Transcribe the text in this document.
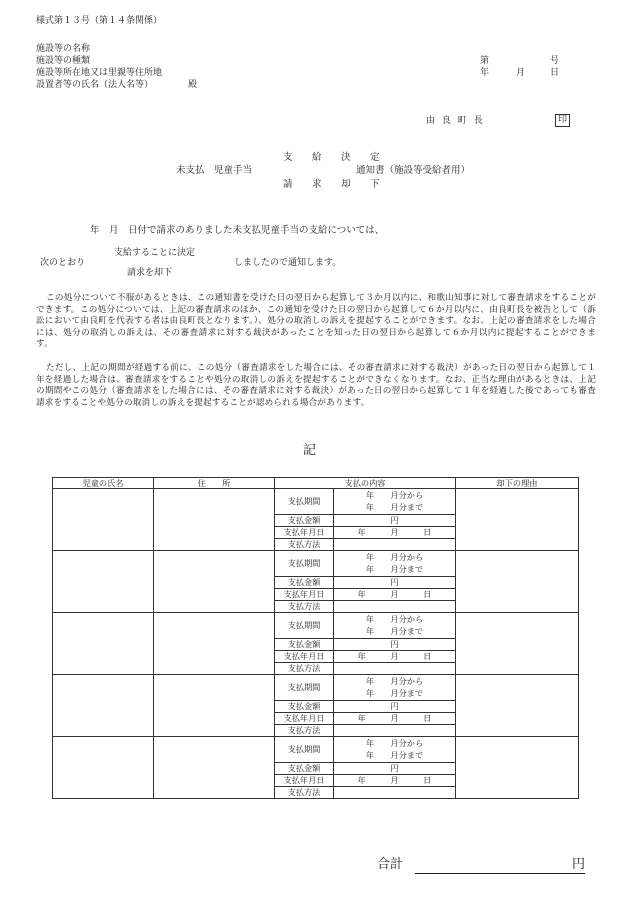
様式第１３号（第１４条関係）
施設等の名称
施設等の種類
施設等所在地又は里親等住所地
設置者等の氏名（法人名等）	殿
第	号
年	月	日
由 良 町 長	印
支　給　決　定
未支払　児童手当	通知書（施設等受給者用）
請　求　却　下
年　月　日付で請求のありました未支払児童手当の支給については、
支給することに決定
次のとおり	しましたので通知します。
請求を却下
この処分について不服があるときは、この通知書を受けた日の翌日から起算して３か月以内に、和歌山知事に対して審査請求をすることができます。この処分については、上記の審査請求のほか、この通知を受けた日の翌日から起算して６か月以内に、由良町長を被告として（訴訟において由良町を代表する者は由良町長となります。）、処分の取消しの訴えを提起することができます。なお、上記の審査請求をした場合には、処分の取消しの訴えは、その審査請求に対する裁決があったことを知った日の翌日から起算して６か月以内に提起することができます。
ただし、上記の期間が経過する前に、この処分（審査請求をした場合には、その審査請求に対する裁決）があった日の翌日から起算して１年を経過した場合は、審査請求をすることや処分の取消しの訴えを提起することができなくなります。なお、正当な理由があるときは、上記の期間やこの処分（審査請求をした場合には、その審査請求に対する裁決）があった日の翌日から起算して１年を経過した後であっても審査請求をすることや処分の取消しの訴えを提起することが認められる場合があります。
記
児童の氏名	住　　所	支払の内容		却下の理由
		支払期間	年　　月分から
年　　月分まで	

		支払金額	円	
		支払年月日	年　　　月　　　日	
		支払方法		
		支払期間	年　　月分から
年　　月分まで	

		支払金額	円	
		支払年月日	年　　　月　　　日	
		支払方法		
		支払期間	年　　月分から
年　　月分まで	

		支払金額	円	
		支払年月日	年　　　月　　　日	
		支払方法		
		支払期間	年　　月分から
年　　月分まで	

		支払金額	円	
		支払年月日	年　　　月　　　日	
		支払方法		
		支払期間	年　　月分から
年　　月分まで	

		支払金額	円	
		支払年月日	年　　　月　　　日	
		支払方法		
合計	円
